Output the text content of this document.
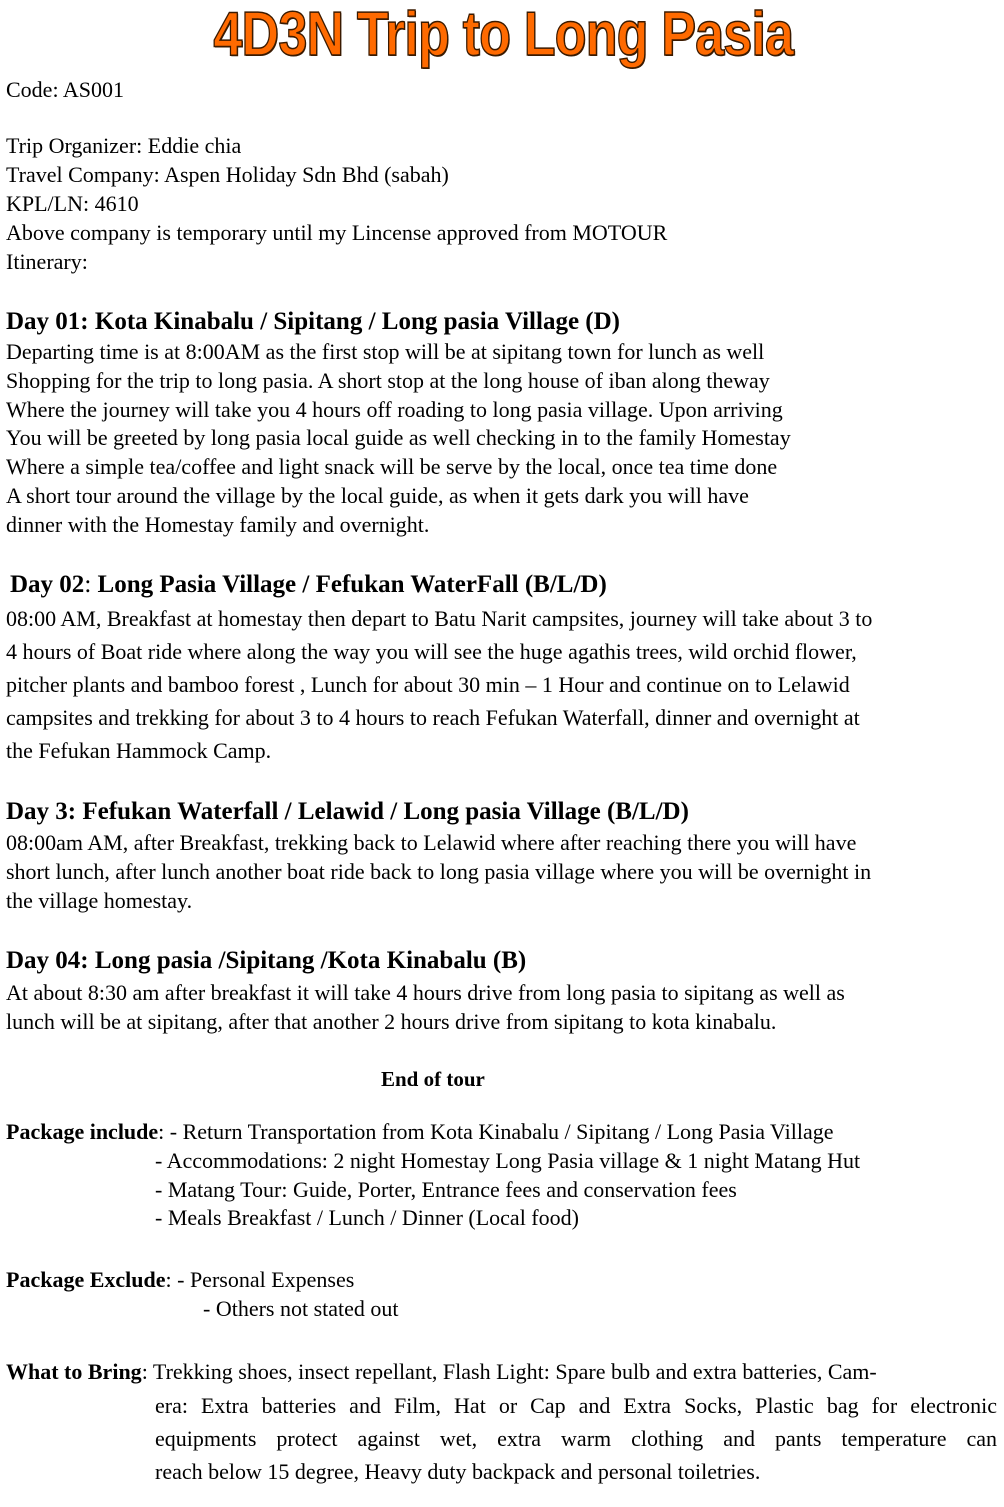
4D3N Trip to Long Pasia
Code: AS001
Trip Organizer: Eddie chia
Travel Company: Aspen Holiday Sdn Bhd (sabah)
KPL/LN: 4610
Above company is temporary until my Lincense approved from MOTOUR
Itinerary:
Day 01: Kota Kinabalu / Sipitang / Long pasia Village (D)
Departing time is at 8:00AM as the first stop will be at sipitang town for lunch as well
Shopping for the trip to long pasia. A short stop at the long house of iban along theway
Where the journey will take you 4 hours off roading to long pasia village. Upon arriving
You will be greeted by long pasia local guide as well checking in to the family Homestay
Where a simple tea/coffee and light snack will be serve by the local, once tea time done
A short tour around the village by the local guide, as when it gets dark you will have
dinner with the Homestay family and overnight.
Day 02: Long Pasia Village / Fefukan WaterFall (B/L/D)
08:00 AM, Breakfast at homestay then depart to Batu Narit campsites, journey will take about 3 to
4 hours of Boat ride where along the way you will see the huge agathis trees, wild orchid flower,
pitcher plants and bamboo forest , Lunch for about 30 min – 1 Hour and continue on to Lelawid
campsites and trekking for about 3 to 4 hours to reach Fefukan Waterfall, dinner and overnight at
the Fefukan Hammock Camp.
Day 3: Fefukan Waterfall / Lelawid / Long pasia Village (B/L/D)
08:00am AM, after Breakfast, trekking back to Lelawid where after reaching there you will have
short lunch, after lunch another boat ride back to long pasia village where you will be overnight in
the village homestay.
Day 04: Long pasia /Sipitang /Kota Kinabalu (B)
At about 8:30 am after breakfast it will take 4 hours drive from long pasia to sipitang as well as
lunch will be at sipitang, after that another 2 hours drive from sipitang to kota kinabalu.
End of tour
Package include: - Return Transportation from Kota Kinabalu / Sipitang / Long Pasia Village
- Accommodations: 2 night Homestay Long Pasia village & 1 night Matang Hut
- Matang Tour: Guide, Porter, Entrance fees and conservation fees
- Meals Breakfast / Lunch / Dinner (Local food)
Package Exclude: - Personal Expenses
- Others not stated out
What to Bring: Trekking shoes, insect repellant, Flash Light: Spare bulb and extra batteries, Cam-
era: Extra batteries and Film, Hat or Cap and Extra Socks, Plastic bag for electronic
equipments protect against wet, extra warm clothing and pants temperature can
reach below 15 degree, Heavy duty backpack and personal toiletries.
